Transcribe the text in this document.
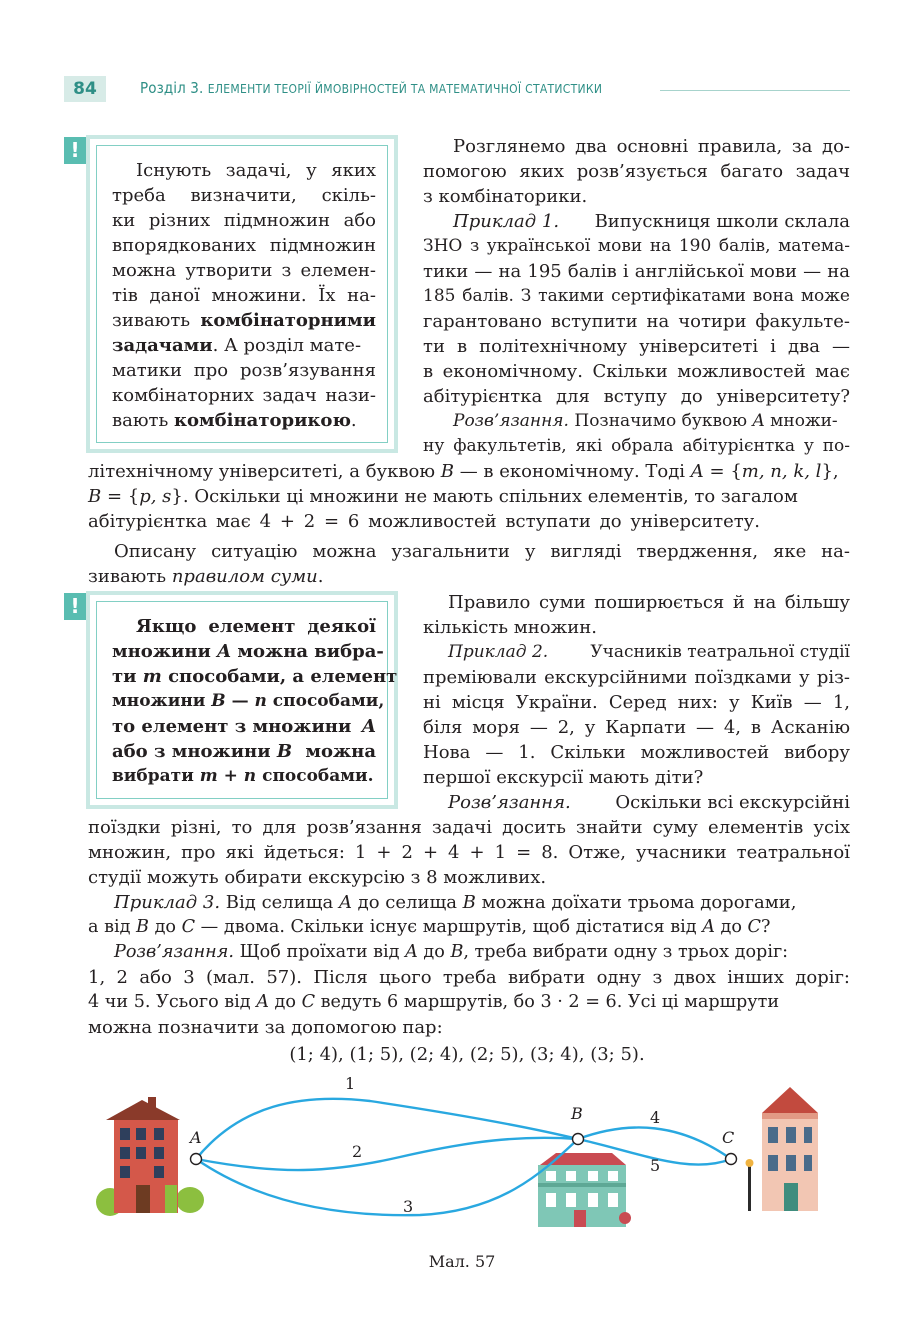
84	Розділ 3. ЕЛЕМЕНТИ ТЕОРІЇ ЙМОВІРНОСТЕЙ ТА МАТЕМАТИЧНОЇ СТАТИСТИКИ
!
Існують задачі, у яких
треба визначити, скіль-
ки різних підмножин або
впорядкованих підмножин
можна утворити з елемен-
тів даної множини. Їх на-
зивають комбінаторними
задачами. А розділ мате-
матики про розв’язування
комбінаторних задач нази-
вають комбінаторикою.
Розглянемо два основні правила, за до-
помогою яких розв’язується багато задач
з комбінаторики.
Приклад 1. Випускниця школи склала
ЗНО з української мови на 190 балів, матема-
тики — на 195 балів і англійської мови — на
185 балів. З такими сертифікатами вона може
гарантовано вступити на чотири факульте-
ти в політехнічному університеті і два —
в економічному. Скільки можливостей має
абітурієнтка для вступу до університету?
Розв’язання. Позначимо буквою A множи-
ну факультетів, які обрала абітурієнтка у по-
літехнічному університеті, а буквою B — в економічному. Тоді A = {m, n, k, l},
B = {p, s}. Оскільки ці множини не мають спільних елементів, то загалом
абітурієнтка має 4 + 2 = 6 можливостей вступати до університету.
Описану ситуацію можна узагальнити у вигляді твердження, яке на-
зивають правилом суми.
!
Якщо елемент деякої
множини A можна вибра-
ти m способами, а елемент
множини B — n способами,
то елемент з множини A
або з множини B можна
вибрати m + n способами.
Правило суми поширюється й на більшу
кількість множин.
Приклад 2. Учасників театральної студії
преміювали екскурсійними поїздками у різ-
ні місця України. Серед них: у Київ — 1,
біля моря — 2, у Карпати — 4, в Асканію
Нова — 1. Скільки можливостей вибору
першої екскурсії мають діти?
Розв’язання. Оскільки всі екскурсійні
поїздки різні, то для розв’язання задачі досить знайти суму елементів усіх
множин, про які йдеться: 1 + 2 + 4 + 1 = 8. Отже, учасники театральної
студії можуть обирати екскурсію з 8 можливих.
Приклад 3. Від селища A до селища B можна доїхати трьома дорогами,
а від B до C — двома. Скільки існує маршрутів, щоб дістатися від A до C?
Розв’язання. Щоб проїхати від A до B, треба вибрати одну з трьох доріг:
1, 2 або 3 (мал. 57). Після цього треба вибрати одну з двох інших доріг:
4 чи 5. Усього від A до C ведуть 6 маршрутів, бо 3 · 2 = 6. Усі ці маршрути
можна позначити за допомогою пар:
(1; 4), (1; 5), (2; 4), (2; 5), (3; 4), (3; 5).
A
B
C
1
2
3
4
5
Мал. 57
